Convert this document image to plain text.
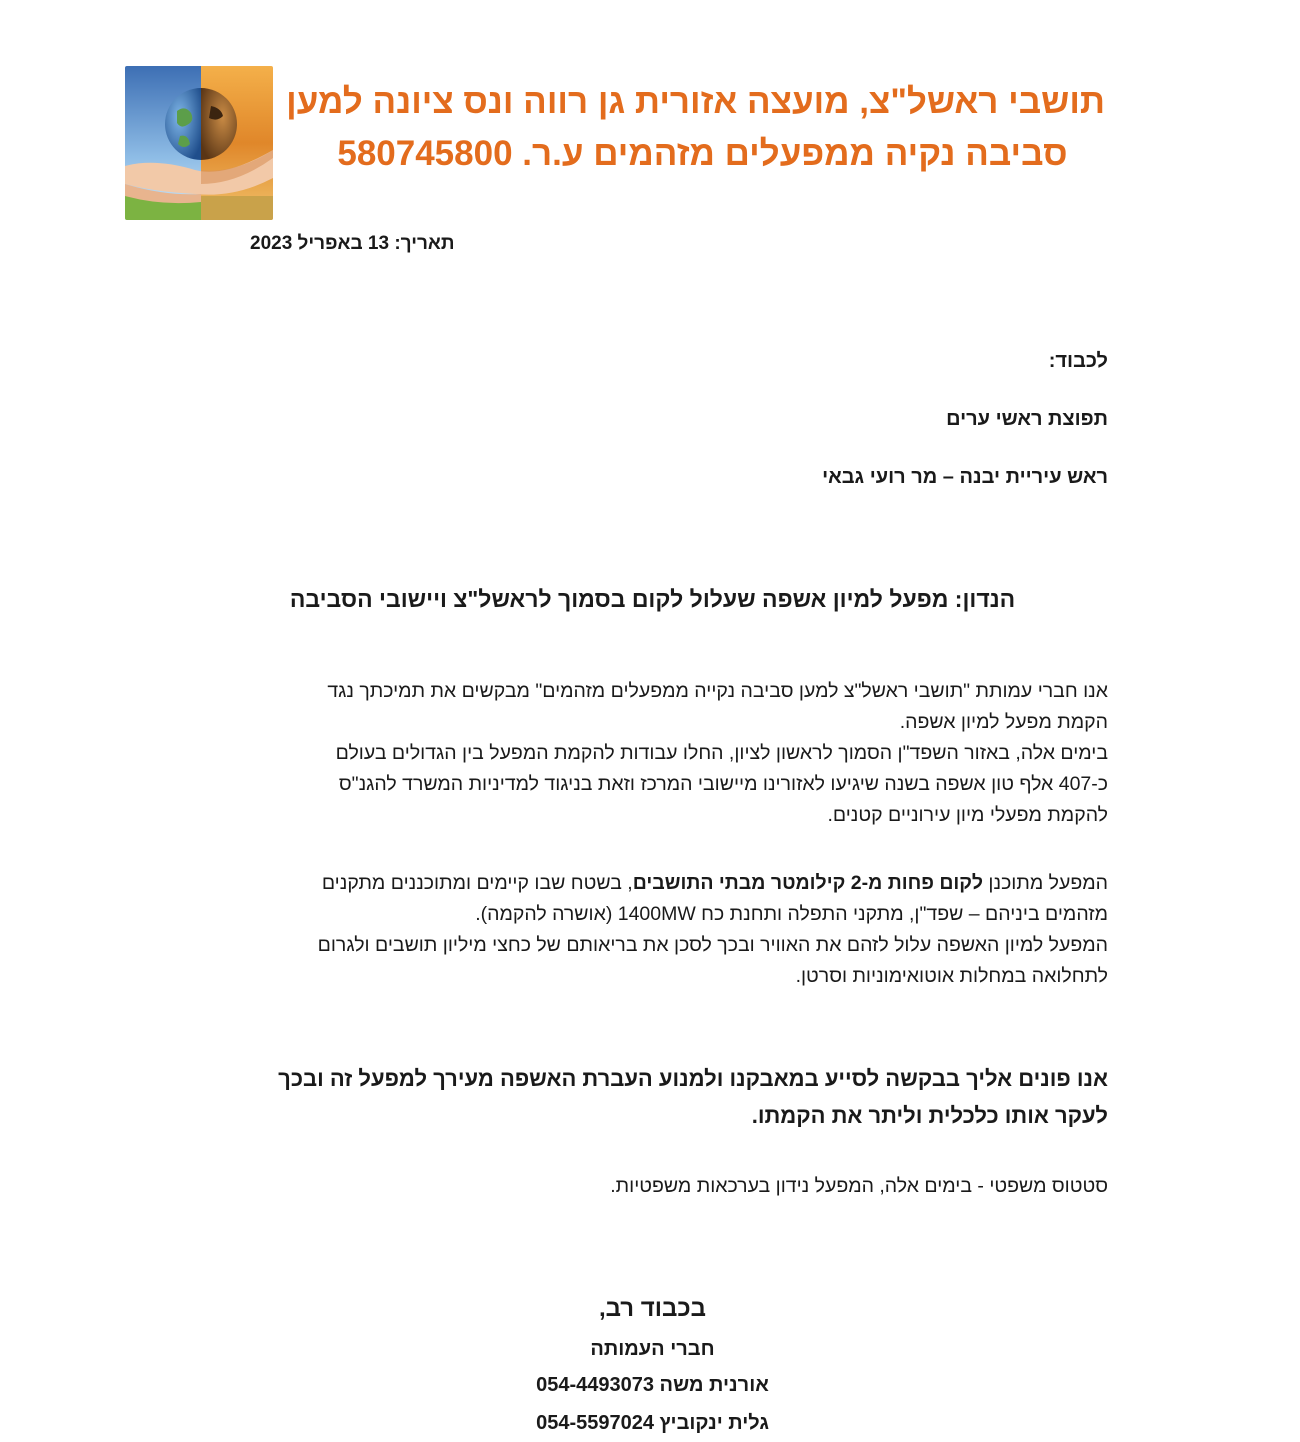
תושבי ראשל"צ, מועצה אזורית גן רווה ונס ציונה למען
סביבה נקיה ממפעלים מזהמים ע.ר. 580745800
תאריך: 13 באפריל 2023
לכבוד:
תפוצת ראשי ערים
ראש עיריית יבנה – מר רועי גבאי
הנדון: מפעל למיון אשפה שעלול לקום בסמוך לראשל"צ ויישובי הסביבה
אנו חברי עמותת "תושבי ראשל"צ למען סביבה נקייה ממפעלים מזהמים" מבקשים את תמיכתך נגד
הקמת מפעל למיון אשפה.
בימים אלה, באזור השפד"ן הסמוך לראשון לציון, החלו עבודות להקמת המפעל בין הגדולים בעולם
כ-407 אלף טון אשפה בשנה שיגיעו לאזורינו מיישובי המרכז וזאת בניגוד למדיניות המשרד להגנ"ס
להקמת מפעלי מיון עירוניים קטנים.
המפעל מתוכנן לקום פחות מ-2 קילומטר מבתי התושבים, בשטח שבו קיימים ומתוכננים מתקנים
מזהמים ביניהם – שפד"ן, מתקני התפלה ותחנת כח 1400MW (אושרה להקמה).
המפעל למיון האשפה עלול לזהם את האוויר ובכך לסכן את בריאותם של כחצי מיליון תושבים ולגרום
לתחלואה במחלות אוטואימוניות וסרטן.
אנו פונים אליך בבקשה לסייע במאבקנו ולמנוע העברת האשפה מעירך למפעל זה ובכך
לעקר אותו כלכלית וליתר את הקמתו.
סטטוס משפטי - בימים אלה, המפעל נידון בערכאות משפטיות.
בכבוד רב,
חברי העמותה
אורנית משה 054-4493073
גלית ינקוביץ 054-5597024
